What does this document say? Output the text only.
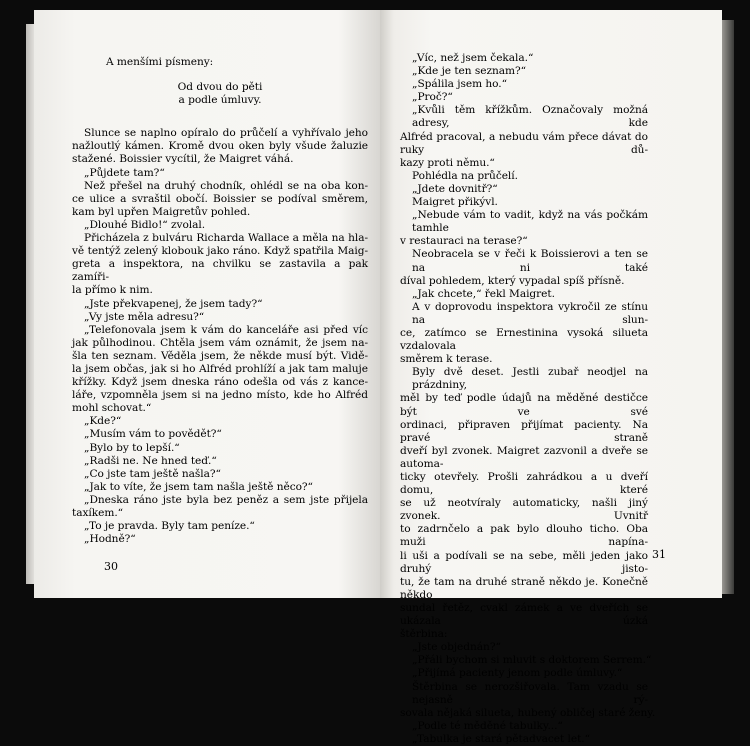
A menšími písmeny:
Od dvou do pěti
a podle úmluvy.
Slunce se naplno opíralo do průčelí a vyhřívalo jeho
nažloutlý kámen. Kromě dvou oken byly všude žaluzie
stažené. Boissier vycítil, že Maigret váhá.
„Půjdete tam?“
Než přešel na druhý chodník, ohlédl se na oba kon-
ce ulice a svraštil obočí. Boissier se podíval směrem,
kam byl upřen Maigretův pohled.
„Dlouhé Bidlo!“ zvolal.
Přicházela z bulváru Richarda Wallace a měla na hla-
vě tentýž zelený klobouk jako ráno. Když spatřila Maig-
greta a inspektora, na chvilku se zastavila a pak zamíři-
la přímo k nim.
„Jste překvapenej, že jsem tady?“
„Vy jste měla adresu?“
„Telefonovala jsem k vám do kanceláře asi před víc
jak půlhodinou. Chtěla jsem vám oznámit, že jsem na-
šla ten seznam. Věděla jsem, že někde musí být. Vidě-
la jsem občas, jak si ho Alfréd prohlíží a jak tam maluje
křížky. Když jsem dneska ráno odešla od vás z kance-
láře, vzpomněla jsem si na jedno místo, kde ho Alfréd
mohl schovat.“
„Kde?“
„Musím vám to povědět?“
„Bylo by to lepší.“
„Radši ne. Ne hned teď.“
„Co jste tam ještě našla?“
„Jak to víte, že jsem tam našla ještě něco?“
„Dneska ráno jste byla bez peněz a sem jste přijela
taxíkem.“
„To je pravda. Byly tam peníze.“
„Hodně?“
30
„Víc, než jsem čekala.“
„Kde je ten seznam?“
„Spálila jsem ho.“
„Proč?“
„Kvůli těm křížkům. Označovaly možná adresy, kde
Alfréd pracoval, a nebudu vám přece dávat do ruky dů-
kazy proti němu.“
Pohlédla na průčelí.
„Jdete dovnitř?“
Maigret přikývl.
„Nebude vám to vadit, když na vás počkám tamhle
v restauraci na terase?“
Neobracela se v řeči k Boissierovi a ten se na ni také
díval pohledem, který vypadal spíš přísně.
„Jak chcete,“ řekl Maigret.
A v doprovodu inspektora vykročil ze stínu na slun-
ce, zatímco se Ernestinina vysoká silueta vzdalovala
směrem k terase.
Byly dvě deset. Jestli zubař neodjel na prázdniny,
měl by teď podle údajů na měděné destičce být ve své
ordinaci, připraven přijímat pacienty. Na pravé straně
dveří byl zvonek. Maigret zazvonil a dveře se automa-
ticky otevřely. Prošli zahrádkou a u dveří domu, které
se už neotvíraly automaticky, našli jiný zvonek. Uvnitř
to zadrnčelo a pak bylo dlouho ticho. Oba muži napína-
li uši a podívali se na sebe, měli jeden jako druhý jisto-
tu, že tam na druhé straně někdo je. Konečně někdo
sundal řetěz, cvakl zámek a ve dveřích se ukázala úzká
štěrbina:
„Jste objednán?“
„Přáli bychom si mluvit s doktorem Serrem.“
„Přijímá pacienty jenom podle úmluvy.“
Štěrbina se nerozšiřovala. Tam vzadu se nejasně rý-
sovala nějaká silueta, hubený obličej staré ženy.
„Podle té měděné tabulky...“
„Tabulka je stará pětadvacet let.“
31
